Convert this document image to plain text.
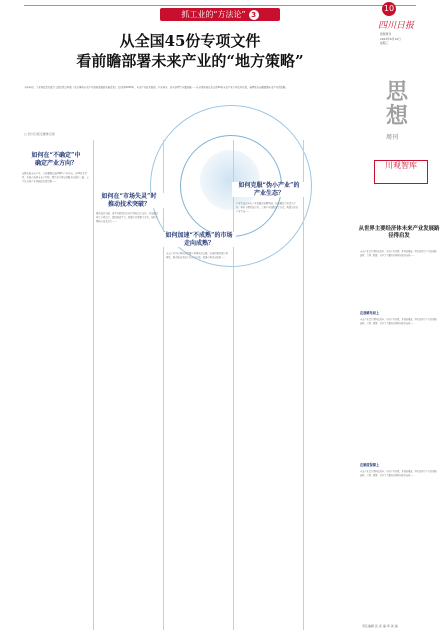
抓工业的“方法论” 3
从全国45份专项文件
看前瞻部署未来产业的“地方策略”
今年年初，工业和信息化部等七部门联合印发《关于推动未来产业创新发展的实施意见》，提出到2025年，未来产业技术创新、产业培育、安全治理等全面发展……从全国各地已出台的45份未来产业专项文件出发，梳理地方前瞻部署未来产业的策略。
□ 四川日报全媒体记者
如何在“不确定”中
确定产业方向？
如何在“市场失灵”时
推动技术突破？
如何加速“不成熟”的市场
走向成熟？
如何克服“伪小产业”的
产业生态？
前瞻布局未来产业，首先要确定选择哪些产业方向。从45份文件看，各地在选择未来产业时，既注重与国家战略方向保持一致，又立足自身产业基础和资源禀赋……
推动技术突破，离不开政策的有效引导和资金支持。各地通过设立专项资金、建设创新平台、组建产业联盟等方式，加快关键核心技术攻关……
未来产业的市场培育需要应用场景的支撑。各地积极开放应用场景，推动新技术新产品示范应用，加速市场走向成熟……
产业生态是未来产业发展的重要基础。各地通过引育龙头企业、培育专精特新企业、完善产业链配套等方式，构建良好的产业生态……
10
四川日报
思想周刊
2023年6月14日
星期三
思
想
周刊
川观智库
从世界主要经济体未来产业发展路径得启发
未来产业是引领科技进步、带动产业升级、开辟新赛道、塑造新质生产力的战略选择。美国、欧盟、日本等主要经济体纷纷加快布局……
在战略布局上
未来产业是引领科技进步、带动产业升级、开辟新赛道、塑造新质生产力的战略选择。美国、欧盟、日本等主要经济体纷纷加快布局……
在制度保障上
未来产业是引领科技进步、带动产业升级、开辟新赛道、塑造新质生产力的战略选择。美国、欧盟、日本等主要经济体纷纷加快布局……
责任编辑 张 虎 编 审 美 编
